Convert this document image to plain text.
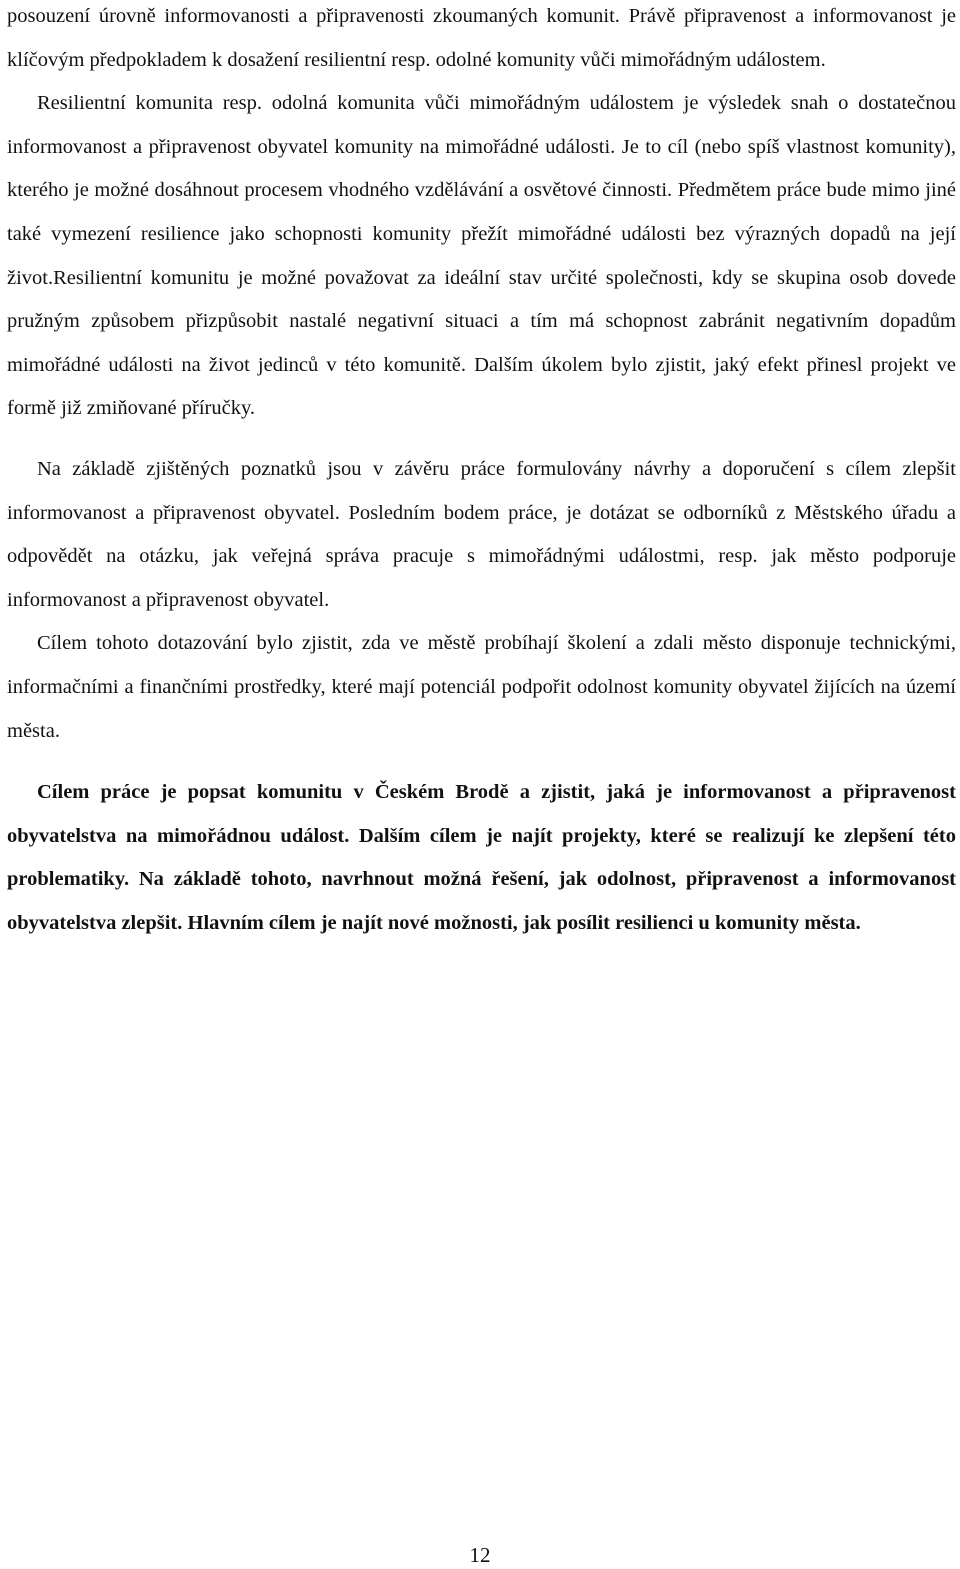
posouzení úrovně informovanosti a připravenosti zkoumaných komunit. Právě připravenost a informovanost je klíčovým předpokladem k dosažení resilientní resp. odolné komunity vůči mimořádným událostem.

Resilientní komunita resp. odolná komunita vůči mimořádným událostem je výsledek snah o dostatečnou informovanost a připravenost obyvatel komunity na mimořádné události. Je to cíl (nebo spíš vlastnost komunity), kterého je možné dosáhnout procesem vhodného vzdělávání a osvětové činnosti. Předmětem práce bude mimo jiné také vymezení resilience jako schopnosti komunity přežít mimořádné události bez výrazných dopadů na její život.Resilientní komunitu je možné považovat za ideální stav určité společnosti, kdy se skupina osob dovede pružným způsobem přizpůsobit nastalé negativní situaci a tím má schopnost zabránit negativním dopadům mimořádné události na život jedinců v této komunitě. Dalším úkolem bylo zjistit, jaký efekt přinesl projekt ve formě již zmiňované příručky.

Na základě zjištěných poznatků jsou v závěru práce formulovány návrhy a doporučení s cílem zlepšit informovanost a připravenost obyvatel. Posledním bodem práce, je dotázat se odborníků z Městského úřadu a odpovědět na otázku, jak veřejná správa pracuje s mimořádnými událostmi, resp. jak město podporuje informovanost a připravenost obyvatel.

Cílem tohoto dotazování bylo zjistit, zda ve městě probíhají školení a zdali město disponuje technickými, informačními a finančními prostředky, které mají potenciál podpořit odolnost komunity obyvatel žijících na území města.

Cílem práce je popsat komunitu v Českém Brodě a zjistit, jaká je informovanost a připravenost obyvatelstva na mimořádnou událost. Dalším cílem je najít projekty, které se realizují ke zlepšení této problematiky. Na základě tohoto, navrhnout možná řešení, jak odolnost, připravenost a informovanost obyvatelstva zlepšit. Hlavním cílem je najít nové možnosti, jak posílit resilienci u komunity města.

12
